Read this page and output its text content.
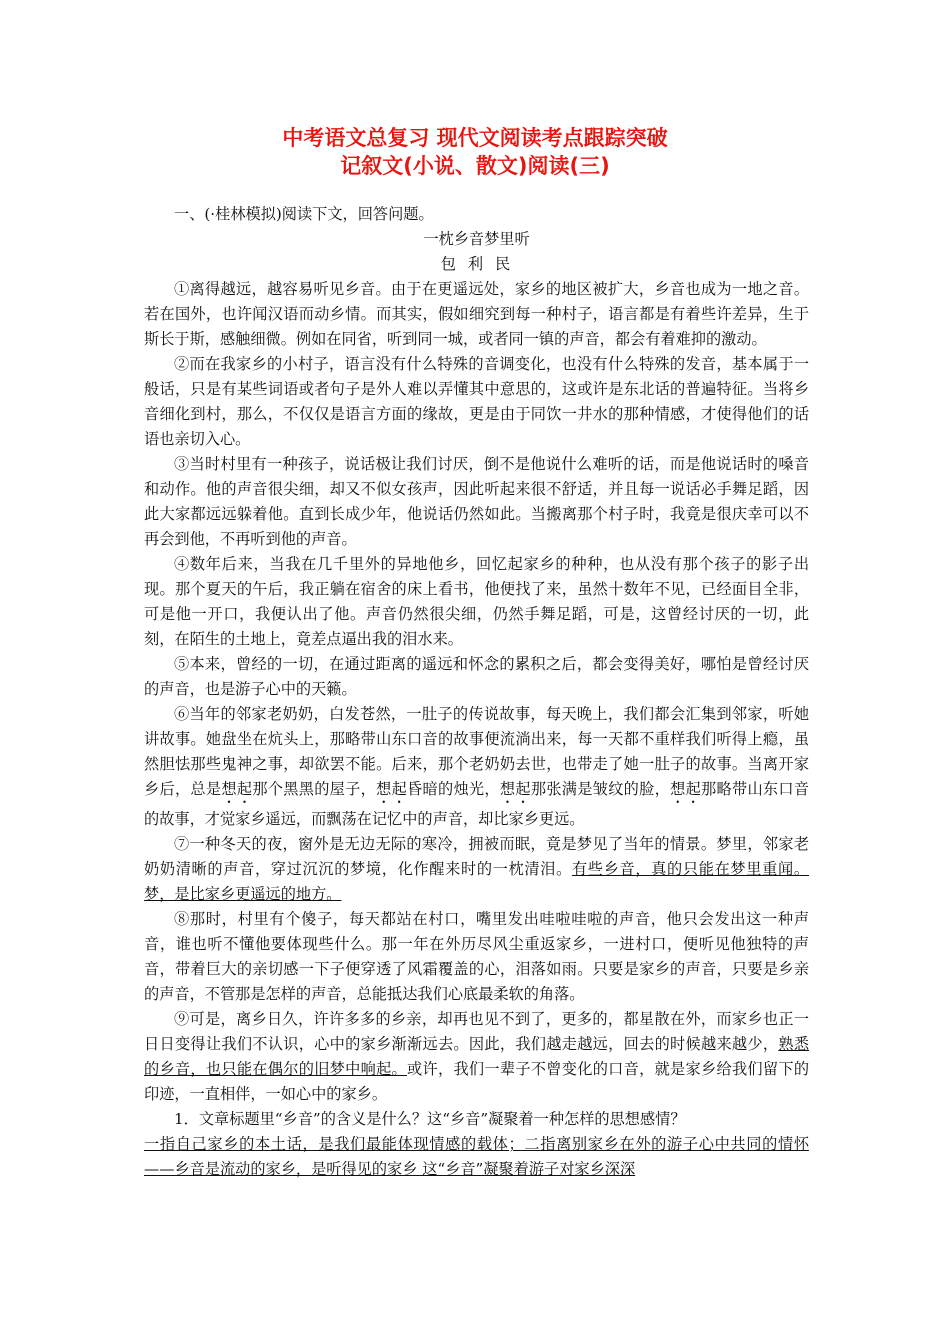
中考语文总复习 现代文阅读考点跟踪突破
记叙文(小说、散文)阅读(三)

一、(·桂林模拟)阅读下文，回答问题。

一枕乡音梦里听

包利民

①离得越远，越容易听见乡音。由于在更遥远处，家乡的地区被扩大，乡音也成为一地之音。若在国外，也许闻汉语而动乡情。而其实，假如细究到每一种村子，语言都是有着些许差异，生于斯长于斯，感触细微。例如在同省，听到同一城，或者同一镇的声音，都会有着难抑的激动。

②而在我家乡的小村子，语言没有什么特殊的音调变化，也没有什么特殊的发音，基本属于一般话，只是有某些词语或者句子是外人难以弄懂其中意思的，这或许是东北话的普遍特征。当将乡音细化到村，那么，不仅仅是语言方面的缘故，更是由于同饮一井水的那种情感，才使得他们的话语也亲切入心。

③当时村里有一种孩子，说话极让我们讨厌，倒不是他说什么难听的话，而是他说话时的嗓音和动作。他的声音很尖细，却又不似女孩声，因此听起来很不舒适，并且每一说话必手舞足蹈，因此大家都远远躲着他。直到长成少年，他说话仍然如此。当搬离那个村子时，我竟是很庆幸可以不再会到他，不再听到他的声音。

④数年后来，当我在几千里外的异地他乡，回忆起家乡的种种，也从没有那个孩子的影子出现。那个夏天的午后，我正躺在宿舍的床上看书，他便找了来，虽然十数年不见，已经面目全非，可是他一开口，我便认出了他。声音仍然很尖细，仍然手舞足蹈，可是，这曾经讨厌的一切，此刻，在陌生的土地上，竟差点逼出我的泪水来。

⑤本来，曾经的一切，在通过距离的遥远和怀念的累积之后，都会变得美好，哪怕是曾经讨厌的声音，也是游子心中的天籁。

⑥当年的邻家老奶奶，白发苍然，一肚子的传说故事，每天晚上，我们都会汇集到邻家，听她讲故事。她盘坐在炕头上，那略带山东口音的故事便流淌出来，每一天都不重样我们听得上瘾，虽然胆怯那些鬼神之事，却欲罢不能。后来，那个老奶奶去世，也带走了她一肚子的故事。当离开家乡后，总是想起那个黑黑的屋子，想起昏暗的烛光，想起那张满是皱纹的脸，想起那略带山东口音的故事，才觉家乡遥远，而飘荡在记忆中的声音，却比家乡更远。

⑦一种冬天的夜，窗外是无边无际的寒冷，拥被而眠，竟是梦见了当年的情景。梦里，邻家老奶奶清晰的声音，穿过沉沉的梦境，化作醒来时的一枕清泪。有些乡音，真的只能在梦里重闻。梦，是比家乡更遥远的地方。

⑧那时，村里有个傻子，每天都站在村口，嘴里发出哇啦哇啦的声音，他只会发出这一种声音，谁也听不懂他要体现些什么。那一年在外历尽风尘重返家乡，一进村口，便听见他独特的声音，带着巨大的亲切感一下子便穿透了风霜覆盖的心，泪落如雨。只要是家乡的声音，只要是乡亲的声音，不管那是怎样的声音，总能抵达我们心底最柔软的角落。

⑨可是，离乡日久，许许多多的乡亲，却再也见不到了，更多的，都星散在外，而家乡也正一日日变得让我们不认识，心中的家乡渐渐远去。因此，我们越走越远，回去的时候越来越少，熟悉的乡音，也只能在偶尔的旧梦中响起。或许，我们一辈子不曾变化的口音，就是家乡给我们留下的印迹，一直相伴，一如心中的家乡。

1．文章标题里“乡音”的含义是什么？这“乡音”凝聚着一种怎样的思想感情？

一指自己家乡的本土话，是我们最能体现情感的载体；二指离别家乡在外的游子心中共同的情怀——乡音是流动的家乡，是听得见的家乡 这“乡音”凝聚着游子对家乡深深
